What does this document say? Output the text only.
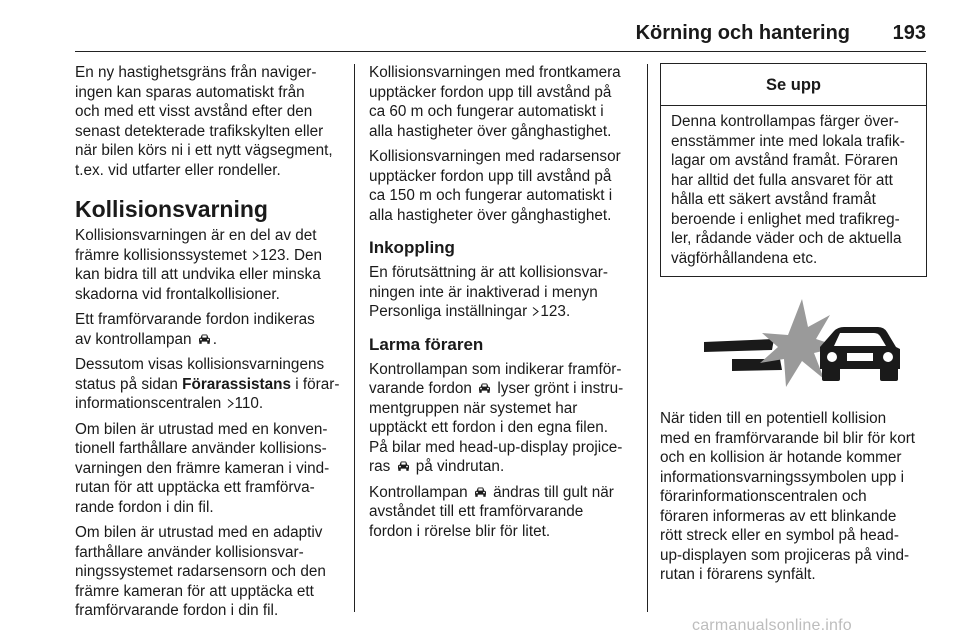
Körning och hantering 193

En ny hastighetsgräns från naviger-
ingen kan sparas automatiskt från
och med ett visst avstånd efter den
senast detekterade trafikskylten eller
när bilen körs ni i ett nytt vägsegment,
t.ex. vid utfarter eller rondeller.

Kollisionsvarning

Kollisionsvarningen är en del av det
främre kollisionssystemet 123. Den
kan bidra till att undvika eller minska
skadorna vid frontalkollisioner.

Ett framförvarande fordon indikeras
av kontrollampan .

Dessutom visas kollisionsvarningens
status på sidan Förarassistans i förar-
informationscentralen 110.

Om bilen är utrustad med en konven-
tionell farthållare använder kollisions-
varningen den främre kameran i vind-
rutan för att upptäcka ett framförva-
rande fordon i din fil.

Om bilen är utrustad med en adaptiv
farthållare använder kollisionsvar-
ningssystemet radarsensorn och den
främre kameran för att upptäcka ett
framförvarande fordon i din fil.

Kollisionsvarningen med frontkamera
upptäcker fordon upp till avstånd på
ca 60 m och fungerar automatiskt i
alla hastigheter över gånghastighet.

Kollisionsvarningen med radarsensor
upptäcker fordon upp till avstånd på
ca 150 m och fungerar automatiskt i
alla hastigheter över gånghastighet.

Inkoppling

En förutsättning är att kollisionsvar-
ningen inte är inaktiverad i menyn
Personliga inställningar 123.

Larma föraren

Kontrollampan som indikerar framför-
varande fordon lyser grönt i instru-
mentgruppen när systemet har
upptäckt ett fordon i den egna filen.
På bilar med head-up-display projice-
ras på vindrutan.

Kontrollampan ändras till gult när
avståndet till ett framförvarande
fordon i rörelse blir för litet.

Se upp
Denna kontrollampas färger över-
ensstämmer inte med lokala trafik-
lagar om avstånd framåt. Föraren
har alltid det fulla ansvaret för att
hålla ett säkert avstånd framåt
beroende i enlighet med trafikreg-
ler, rådande väder och de aktuella
vägförhållandena etc.

När tiden till en potentiell kollision
med en framförvarande bil blir för kort
och en kollision är hotande kommer
informationsvarningssymbolen upp i
förarinformationscentralen och
föraren informeras av ett blinkande
rött streck eller en symbol på head-
up-displayen som projiceras på vind-
rutan i förarens synfält.

carmanualsonline.info
